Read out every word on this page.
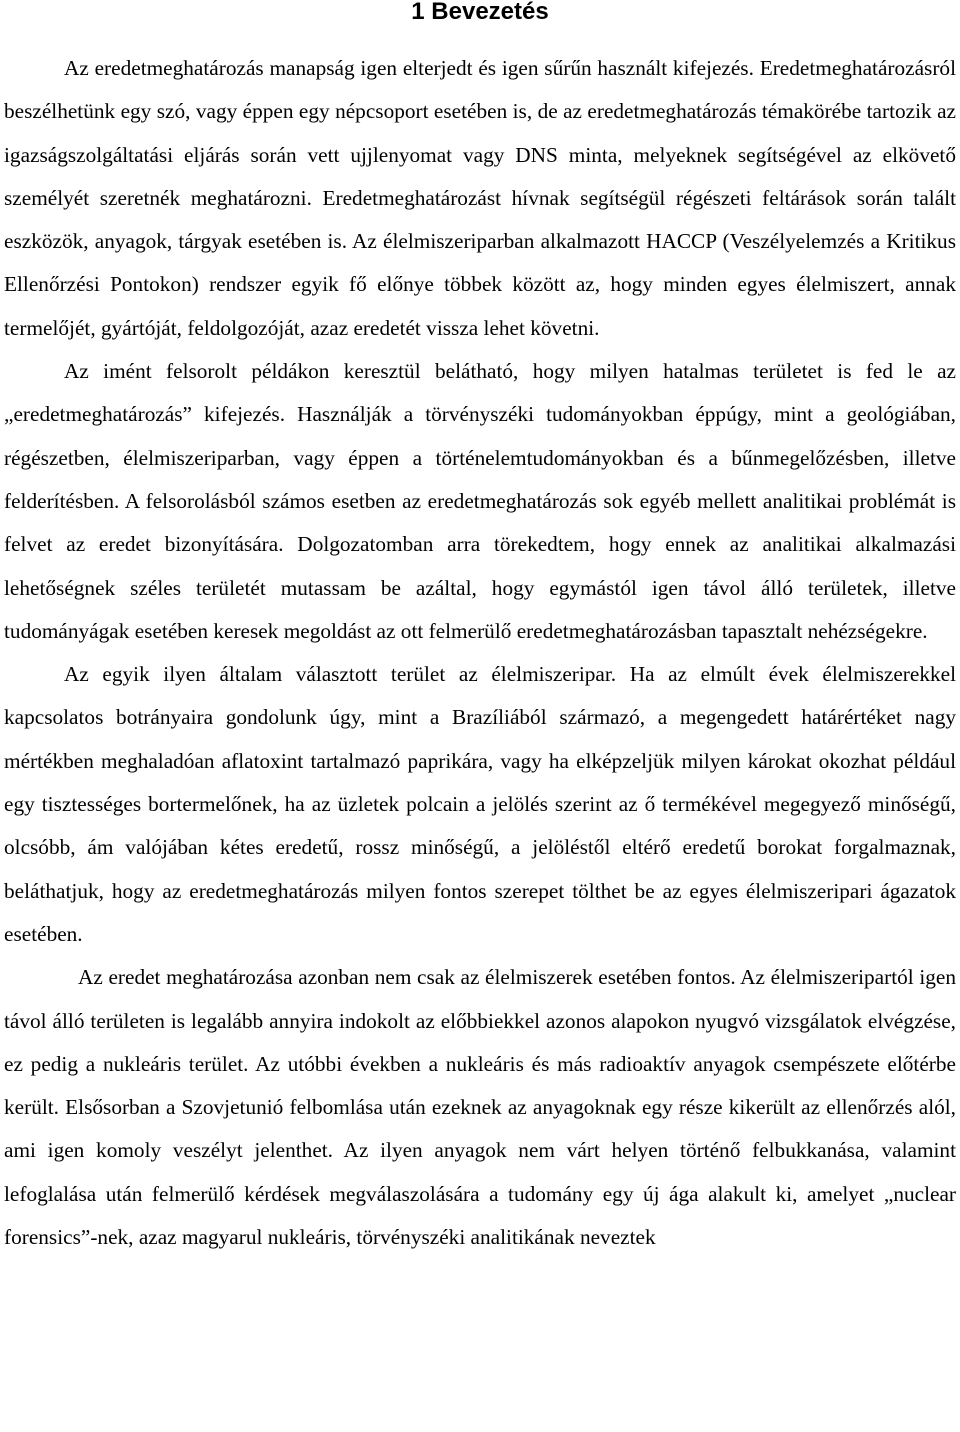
1 Bevezetés

Az eredetmeghatározás manapság igen elterjedt és igen sűrűn használt kifejezés. Eredetmeghatározásról beszélhetünk egy szó, vagy éppen egy népcsoport esetében is, de az eredetmeghatározás témakörébe tartozik az igazságszolgáltatási eljárás során vett ujjlenyomat vagy DNS minta, melyeknek segítségével az elkövető személyét szeretnék meghatározni. Eredetmeghatározást hívnak segítségül régészeti feltárások során talált eszközök, anyagok, tárgyak esetében is. Az élelmiszeriparban alkalmazott HACCP (Veszélyelemzés a Kritikus Ellenőrzési Pontokon) rendszer egyik fő előnye többek között az, hogy minden egyes élelmiszert, annak termelőjét, gyártóját, feldolgozóját, azaz eredetét vissza lehet követni.

Az imént felsorolt példákon keresztül belátható, hogy milyen hatalmas területet is fed le az „eredetmeghatározás” kifejezés. Használják a törvényszéki tudományokban éppúgy, mint a geológiában, régészetben, élelmiszeriparban, vagy éppen a történelemtudományokban és a bűnmegelőzésben, illetve felderítésben. A felsorolásból számos esetben az eredetmeghatározás sok egyéb mellett analitikai problémát is felvet az eredet bizonyítására. Dolgozatomban arra törekedtem, hogy ennek az analitikai alkalmazási lehetőségnek széles területét mutassam be azáltal, hogy egymástól igen távol álló területek, illetve tudományágak esetében keresek megoldást az ott felmerülő eredetmeghatározásban tapasztalt nehézségekre.

Az egyik ilyen általam választott terület az élelmiszeripar. Ha az elmúlt évek élelmiszerekkel kapcsolatos botrányaira gondolunk úgy, mint a Brazíliából származó, a megengedett határértéket nagy mértékben meghaladóan aflatoxint tartalmazó paprikára, vagy ha elképzeljük milyen károkat okozhat például egy tisztességes bortermelőnek, ha az üzletek polcain a jelölés szerint az ő termékével megegyező minőségű, olcsóbb, ám valójában kétes eredetű, rossz minőségű, a jelöléstől eltérő eredetű borokat forgalmaznak, beláthatjuk, hogy az eredetmeghatározás milyen fontos szerepet tölthet be az egyes élelmiszeripari ágazatok esetében.

Az eredet meghatározása azonban nem csak az élelmiszerek esetében fontos. Az élelmiszeripartól igen távol álló területen is legalább annyira indokolt az előbbiekkel azonos alapokon nyugvó vizsgálatok elvégzése, ez pedig a nukleáris terület. Az utóbbi években a nukleáris és más radioaktív anyagok csempészete előtérbe került. Elsősorban a Szovjetunió felbomlása után ezeknek az anyagoknak egy része kikerült az ellenőrzés alól, ami igen komoly veszélyt jelenthet. Az ilyen anyagok nem várt helyen történő felbukkanása, valamint lefoglalása után felmerülő kérdések megválaszolására a tudomány egy új ága alakult ki, amelyet „nuclear forensics”-nek, azaz magyarul nukleáris, törvényszéki analitikának neveztek
